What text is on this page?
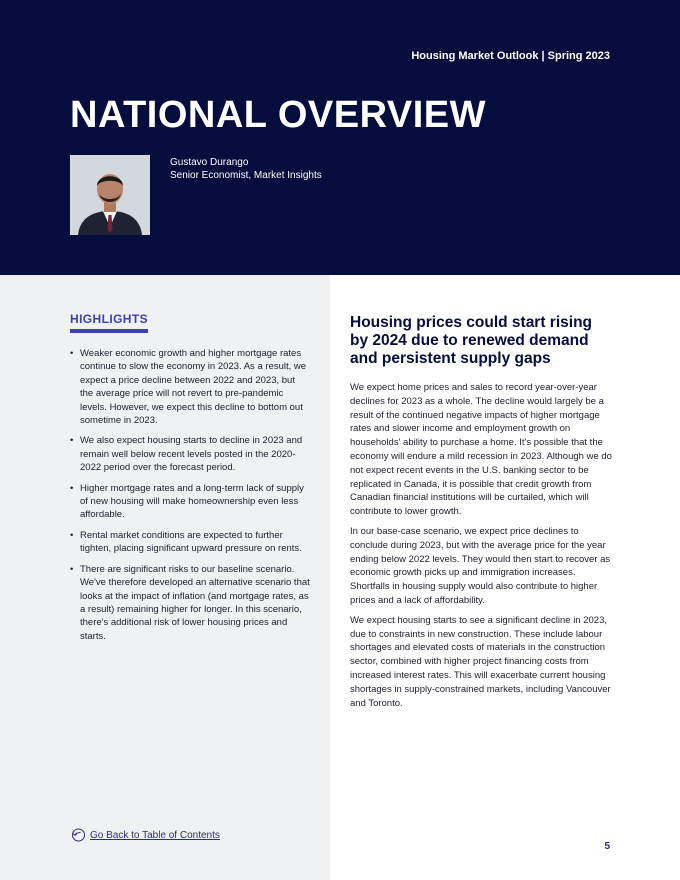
Housing Market Outlook | Spring 2023
NATIONAL OVERVIEW
Gustavo Durango
Senior Economist, Market Insights
HIGHLIGHTS
• Weaker economic growth and higher mortgage rates continue to slow the economy in 2023. As a result, we expect a price decline between 2022 and 2023, but the average price will not revert to pre-pandemic levels. However, we expect this decline to bottom out sometime in 2023.
• We also expect housing starts to decline in 2023 and remain well below recent levels posted in the 2020-2022 period over the forecast period.
• Higher mortgage rates and a long-term lack of supply of new housing will make homeownership even less affordable.
• Rental market conditions are expected to further tighten, placing significant upward pressure on rents.
• There are significant risks to our baseline scenario. We've therefore developed an alternative scenario that looks at the impact of inflation (and mortgage rates, as a result) remaining higher for longer. In this scenario, there's additional risk of lower housing prices and starts.
Go Back to Table of Contents
Housing prices could start rising by 2024 due to renewed demand and persistent supply gaps

We expect home prices and sales to record year-over-year declines for 2023 as a whole. The decline would largely be a result of the continued negative impacts of higher mortgage rates and slower income and employment growth on households' ability to purchase a home. It's possible that the economy will endure a mild recession in 2023. Although we do not expect recent events in the U.S. banking sector to be replicated in Canada, it is possible that credit growth from Canadian financial institutions will be curtailed, which will contribute to lower growth.

In our base-case scenario, we expect price declines to conclude during 2023, but with the average price for the year ending below 2022 levels. They would then start to recover as economic growth picks up and immigration increases. Shortfalls in housing supply would also contribute to higher prices and a lack of affordability.

We expect housing starts to see a significant decline in 2023, due to constraints in new construction. These include labour shortages and elevated costs of materials in the construction sector, combined with higher project financing costs from increased interest rates. This will exacerbate current housing shortages in supply-constrained markets, including Vancouver and Toronto.

5
